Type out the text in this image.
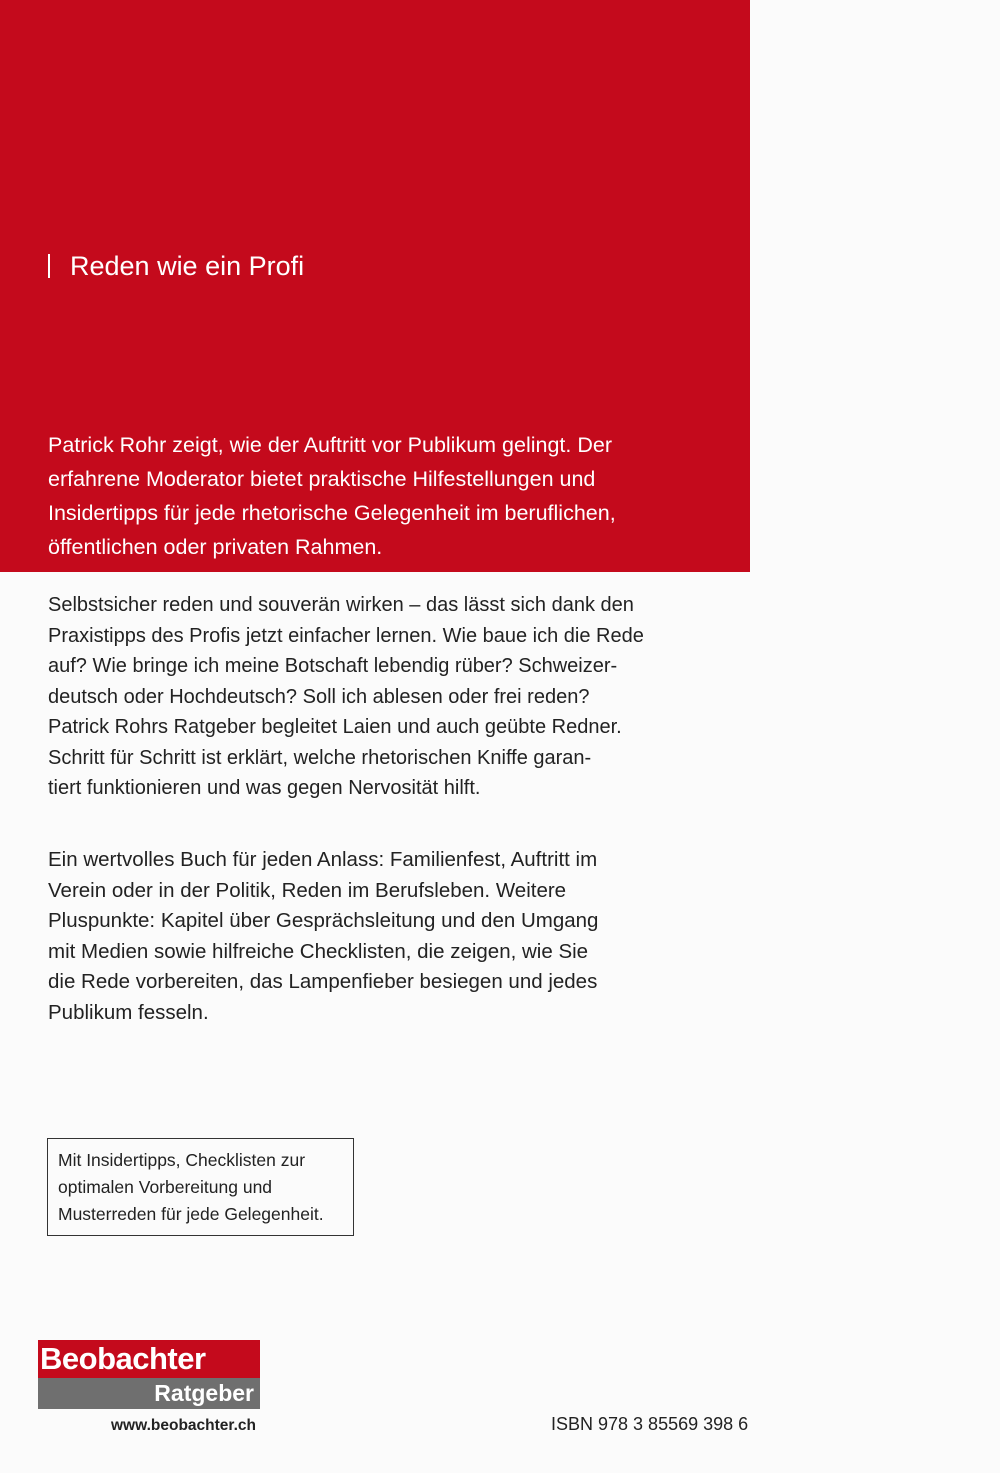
Reden wie ein Profi

Patrick Rohr zeigt, wie der Auftritt vor Publikum gelingt. Der

erfahrene Moderator bietet praktische Hilfestellungen und

Insidertipps für jede rhetorische Gelegenheit im beruflichen,

öffentlichen oder privaten Rahmen.

Selbstsicher reden und souverän wirken – das lässt sich dank den

Praxistipps des Profis jetzt einfacher lernen. Wie baue ich die Rede

auf? Wie bringe ich meine Botschaft lebendig rüber? Schweizer-

deutsch oder Hochdeutsch? Soll ich ablesen oder frei reden?

Patrick Rohrs Ratgeber begleitet Laien und auch geübte Redner.

Schritt für Schritt ist erklärt, welche rhetorischen Kniffe garan-

tiert funktionieren und was gegen Nervosität hilft.

Ein wertvolles Buch für jeden Anlass: Familienfest, Auftritt im

Verein oder in der Politik, Reden im Berufsleben. Weitere

Pluspunkte: Kapitel über Gesprächsleitung und den Umgang

mit Medien sowie hilfreiche Checklisten, die zeigen, wie Sie

die Rede vorbereiten, das Lampenfieber besiegen und jedes

Publikum fesseln.

Mit Insidertipps, Checklisten zur

optimalen Vorbereitung und

Musterreden für jede Gelegenheit.

Beobachter
Ratgeber
www.beobachter.ch	ISBN 978 3 85569 398 6
